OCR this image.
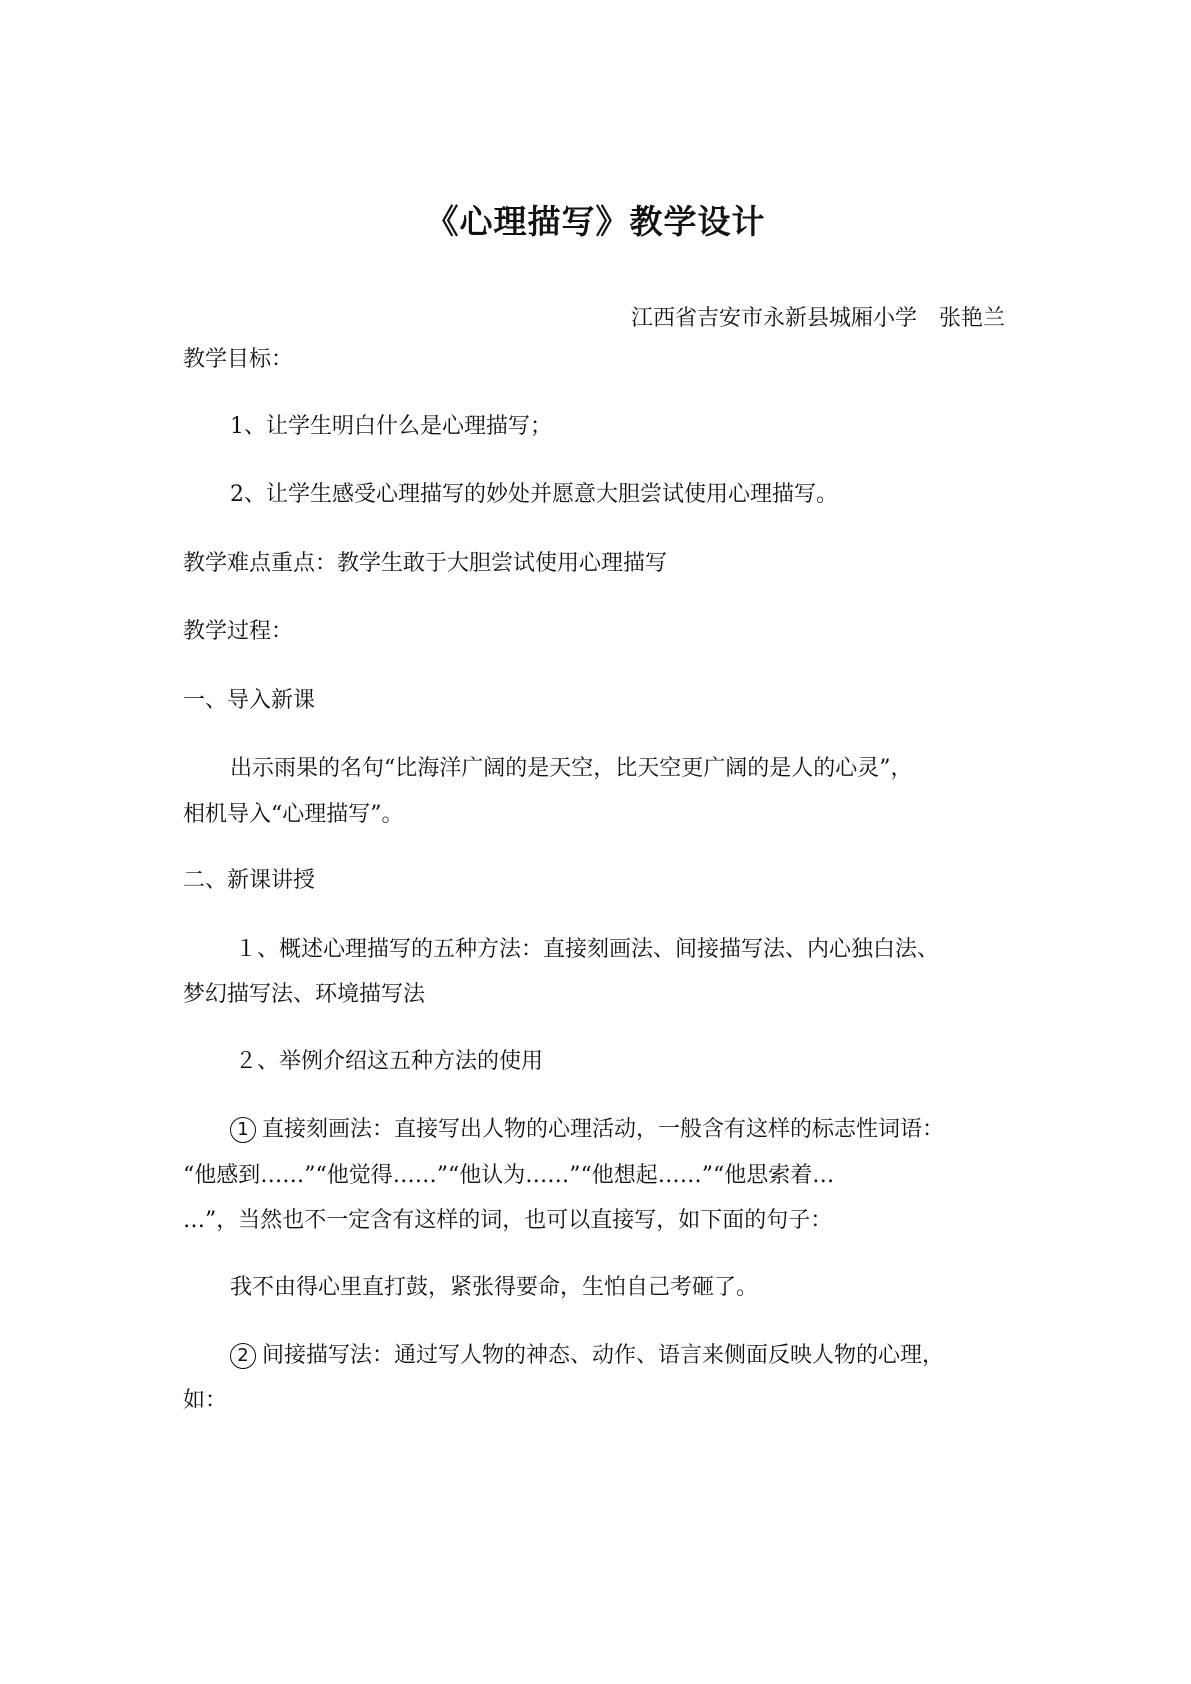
《心理描写》教学设计
江西省吉安市永新县城厢小学 张艳兰
教学目标：
1、让学生明白什么是心理描写；
2、让学生感受心理描写的妙处并愿意大胆尝试使用心理描写。
教学难点重点：教学生敢于大胆尝试使用心理描写
教学过程：
一、导入新课
出示雨果的名句“比海洋广阔的是天空，比天空更广阔的是人的心灵”，
相机导入“心理描写”。
二、新课讲授
１、概述心理描写的五种方法：直接刻画法、间接描写法、内心独白法、
梦幻描写法、环境描写法
２、举例介绍这五种方法的使用
1 直接刻画法：直接写出人物的心理活动，一般含有这样的标志性词语：
“他感到……”“他觉得……”“他认为……”“他想起……”“他思索着…
…”，当然也不一定含有这样的词，也可以直接写，如下面的句子：
我不由得心里直打鼓，紧张得要命，生怕自己考砸了。
2 间接描写法：通过写人物的神态、动作、语言来侧面反映人物的心理，
如：
